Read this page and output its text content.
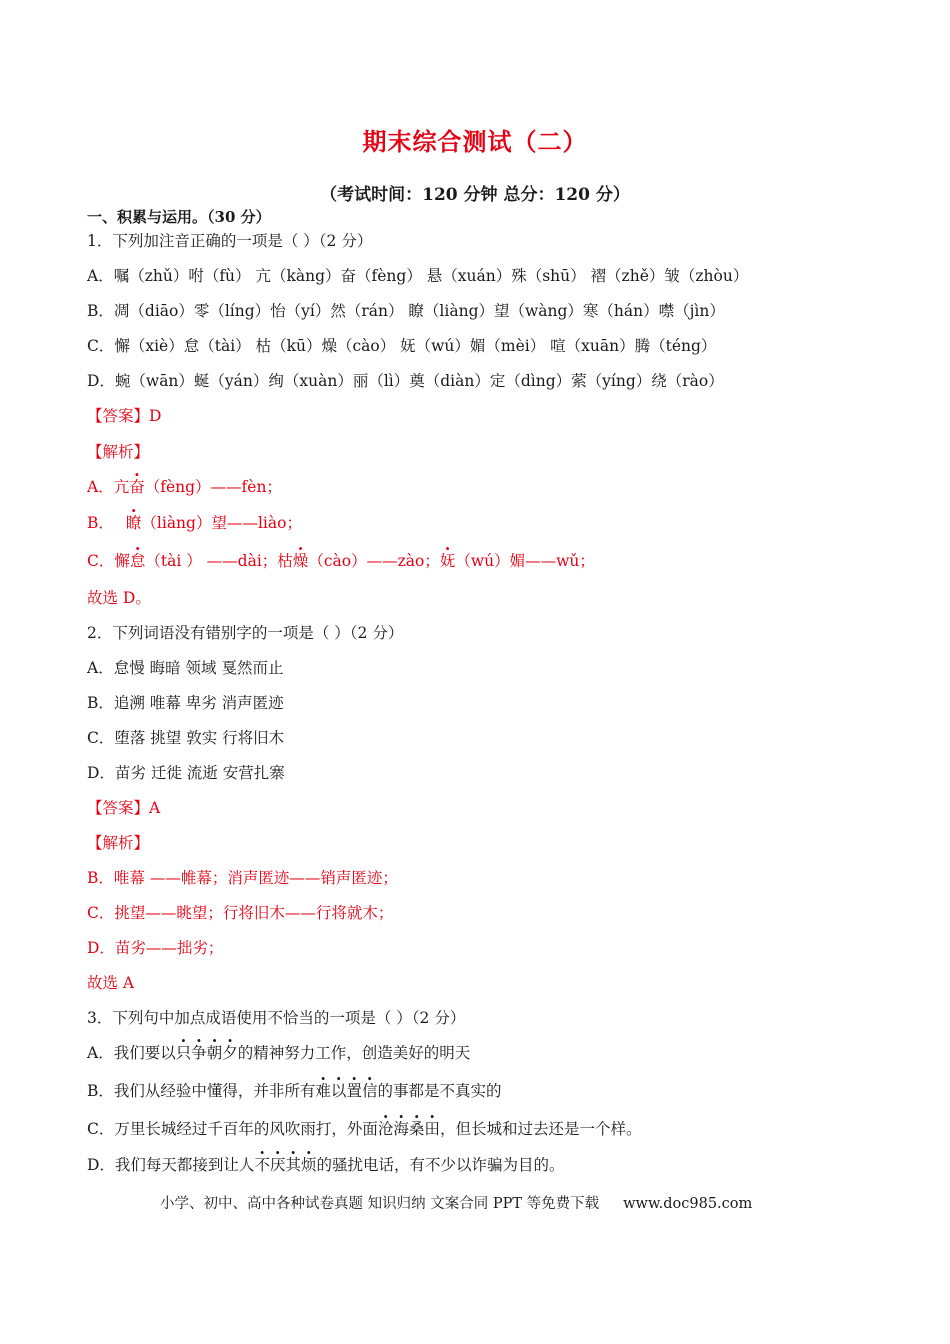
期末综合测试（二）
（考试时间：120 分钟 总分：120 分）
一、积累与运用。（30 分）
1．下列加注音正确的一项是（ ）（2 分）
A．嘱（zhǔ）咐（fù） 亢（kàng）奋（fèng） 悬（xuán）殊（shū） 褶（zhě）皱（zhòu）
B．凋（diāo）零（líng）怡（yí）然（rán） 瞭（liàng）望（wàng）寒（hán）噤（jìn）
C．懈（xiè）怠（tài） 枯（kū）燥（cào） 妩（wú）媚（mèi） 喧（xuān）腾（téng）
D．蜿（wān）蜒（yán）绚（xuàn）丽（lì）奠（diàn）定（dìng）萦（yíng）绕（rào）
【答案】D
【解析】
A．亢奋（fèng）——fèn；
B． 瞭（liàng）望——liào；
C．懈怠（tài ） ——dài；枯燥（cào）——zào；妩（wú）媚——wǔ；
故选 D。
2．下列词语没有错别字的一项是（ ）（2 分）
A．怠慢 晦暗 领域 戛然而止
B．追溯 唯幕 卑劣 消声匿迹
C．堕落 挑望 敦实 行将旧木
D．苗劣 迁徙 流逝 安营扎寨
【答案】A
【解析】
B．唯幕 ——帷幕；消声匿迹——销声匿迹；
C．挑望——眺望；行将旧木——行将就木；
D．苗劣——拙劣；
故选 A
3．下列句中加点成语使用不恰当的一项是（ ）（2 分）
A．我们要以只争朝夕的精神努力工作，创造美好的明天
B．我们从经验中懂得，并非所有难以置信的事都是不真实的
C．万里长城经过千百年的风吹雨打，外面沧海桑田，但长城和过去还是一个样。
D．我们每天都接到让人不厌其烦的骚扰电话，有不少以诈骗为目的。
小学、初中、高中各种试卷真题 知识归纳 文案合同 PPT 等免费下载 www.doc985.com
